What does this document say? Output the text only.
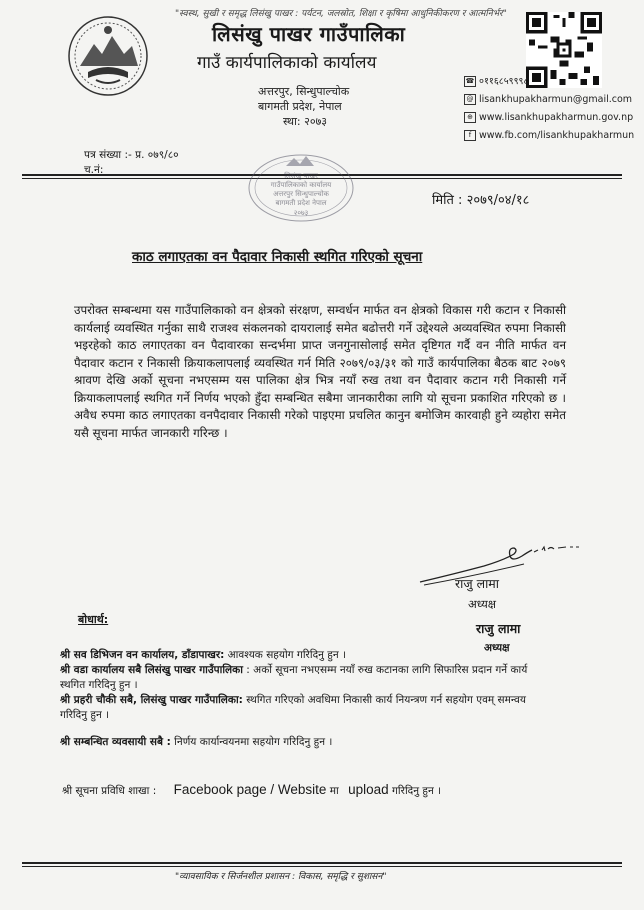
"स्वस्थ, सुखी र समृद्ध लिसंखु पाखर : पर्यटन, जलस्रोत, शिक्षा र कृषिमा आधुनिकीकरण र आत्मनिर्भर"
लिसंखु पाखर गाउँपालिका
गाउँ कार्यपालिकाको कार्यालय
अत्तरपुर, सिन्धुपाल्चोक
बागमती प्रदेश, नेपाल
स्था: २०७३
☎ ०११६८५९९९८
@ lisankhupakharmun@gmail.com
⊕ www.lisankhupakharmun.gov.np
f www.fb.com/lisankhupakharmun
पत्र संख्या :- प्र. ०७९/८०
च.नं:	लिसंखु पाखर
गाउँपालिकाको कार्यालय
अत्तरपुर सिन्धुपाल्चोक
बागमती प्रदेश नेपाल
२०७३
मिति : २०७९/०४/१८
काठ लगाएतका वन पैदावार निकासी स्थगित गरिएको सूचना
उपरोक्त सम्बन्धमा यस गाउँपालिकाको वन क्षेत्रको संरक्षण, सम्वर्धन मार्फत वन क्षेत्रको विकास गरी कटान र निकासी कार्यलाई व्यवस्थित गर्नुका साथै राजश्व संकलनको दायरालाई समेत बढोत्तरी गर्ने उद्देश्यले अव्यवस्थित रुपमा निकासी भइरहेको काठ लगाएतका वन पैदावारका सन्दर्भमा प्राप्त जनगुनासोलाई समेत दृष्टिगत गर्दै वन नीति मार्फत वन पैदावार कटान र निकासी क्रियाकलापलाई व्यवस्थित गर्न मिति २०७९/०३/३१ को गाउँ कार्यपालिका बैठक बाट २०७९ श्रावण देखि अर्को सूचना नभएसम्म यस पालिका क्षेत्र भित्र नयाँ रुख तथा वन पैदावार कटान गरी निकासी गर्ने क्रियाकलापलाई स्थगित गर्ने निर्णय भएको हुँदा सम्बन्धित सबैमा जानकारीका लागि यो सूचना प्रकाशित गरिएको छ । अवैध रुपमा काठ लगाएतका वनपैदावार निकासी गरेको पाइएमा प्रचलित कानुन बमोजिम कारवाही हुने व्यहोरा समेत यसै सूचना मार्फत जानकारी गरिन्छ ।
राजु लामा
अध्यक्ष
राजु लामा
अध्यक्ष
बोधार्थ:
श्री सव डिभिजन वन कार्यालय, डाँडापाखर: आवश्यक सहयोग गरिदिनु हुन ।
श्री वडा कार्यालय सबै लिसंखु पाखर गाउँपालिका : अर्को सूचना नभएसम्म नयाँ रुख कटानका लागि सिफारिस प्रदान गर्ने कार्य स्थगित गरिदिनु हुन ।
श्री प्रहरी चौकी सबै, लिसंखु पाखर गाउँपालिका: स्थगित गरिएको अवधिमा निकासी कार्य नियन्त्रण गर्न सहयोग एवम् समन्वय गरिदिनु हुन ।
श्री सम्बन्धित व्यवसायी सबै : निर्णय कार्यान्वयनमा सहयोग गरिदिनु हुन ।
श्री सूचना प्रविधि शाखा : Facebook page / Website मा upload गरिदिनु हुन ।
"व्यावसायिक र सिर्जनशील प्रशासन : विकास, समृद्धि र सुशासन"
